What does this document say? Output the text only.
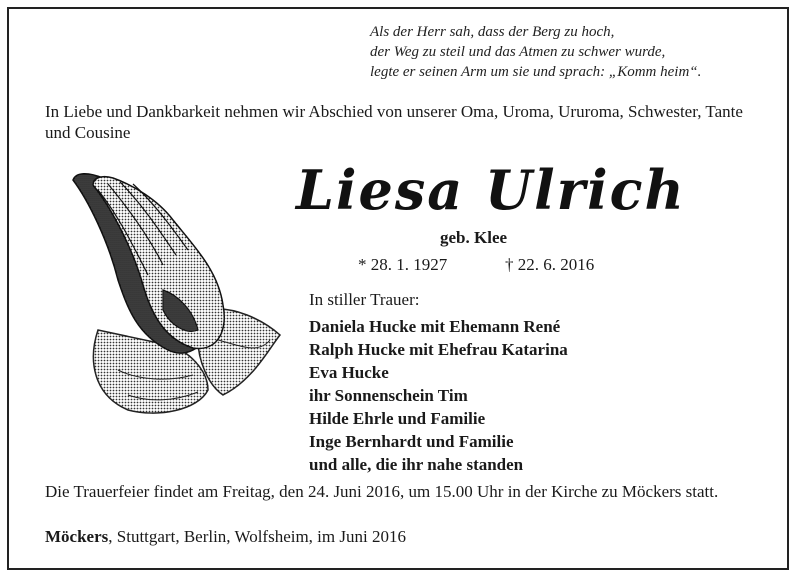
Als der Herr sah, dass der Berg zu hoch,
der Weg zu steil und das Atmen zu schwer wurde,
legte er seinen Arm um sie und sprach: „Komm heim“.
In Liebe und Dankbarkeit nehmen wir Abschied von unserer Oma, Uroma, Ururoma, Schwester, Tante und Cousine
Liesa Ulrich
geb. Klee
* 28. 1. 1927	† 22. 6. 2016
In stiller Trauer:
Daniela Hucke mit Ehemann René
Ralph Hucke mit Ehefrau Katarina
Eva Hucke
ihr Sonnenschein Tim
Hilde Ehrle und Familie
Inge Bernhardt und Familie
und alle, die ihr nahe standen
Die Trauerfeier findet am Freitag, den 24. Juni 2016, um 15.00 Uhr in der Kirche zu Möckers statt.
Möckers, Stuttgart, Berlin, Wolfsheim, im Juni 2016
